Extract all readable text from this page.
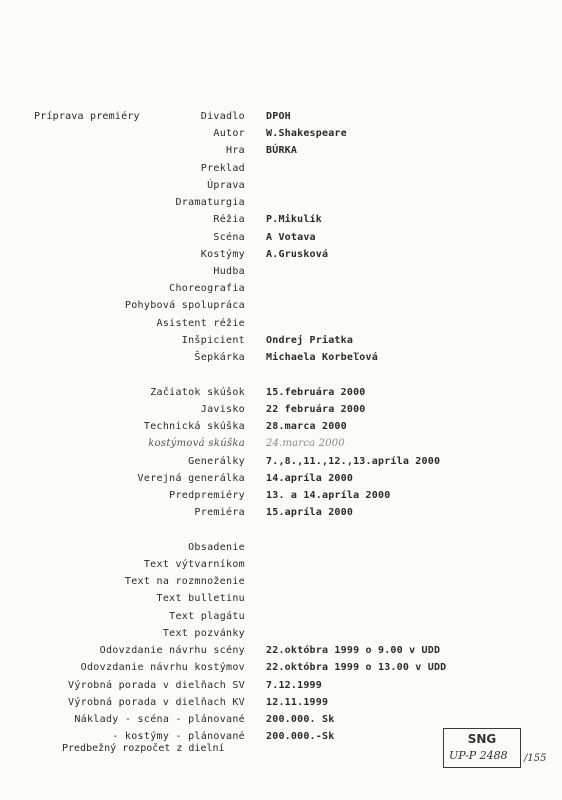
Príprava premiéry	Divadlo DPOH
Autor W.Shakespeare
Hra BÚRKA
Preklad
Úprava
Dramaturgia
Réžia P.Mikulík
Scéna A Votava
Kostýmy A.Grusková
Hudba
Choreografia
Pohybová spolupráca
Asistent réžie
Inšpicient Ondrej Priatka
Šepkárka Michaela Korbeľová
Začiatok skúšok 15.februára 2000
Javisko 22 februára 2000
Technická skúška 28.marca 2000
kostýmová skúška 24.marca 2000
Generálky 7.,8.,11.,12.,13.apríla 2000
Verejná generálka 14.apríla 2000
Predpremiéry 13. a 14.apríla 2000
Premiéra 15.apríla 2000
Obsadenie
Text výtvarníkom
Text na rozmnoženie
Text bulletinu
Text plagátu
Text pozvánky
Odovzdanie návrhu scény 22.októbra 1999 o 9.00 v UDD
Odovzdanie návrhu kostýmov 22.októbra 1999 o 13.00 v UDD
Výrobná porada v dielňach SV 7.12.1999
Výrobná porada v dielňach KV 12.11.1999
Náklady - scéna - plánované 200.000. Sk
- kostýmy - plánované 200.000.-Sk
Predbežný rozpočet z dielní
SNG
UP-P 2488 /155
